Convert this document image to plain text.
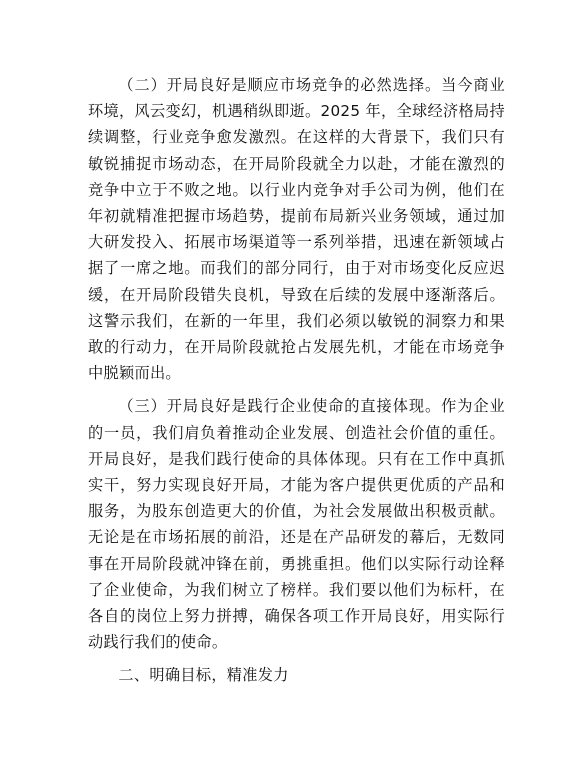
（二）开局良好是顺应市场竞争的必然选择。当今商业环境，风云变幻，机遇稍纵即逝。2025 年，全球经济格局持续调整，行业竞争愈发激烈。在这样的大背景下，我们只有敏锐捕捉市场动态，在开局阶段就全力以赴，才能在激烈的竞争中立于不败之地。以行业内竞争对手公司为例，他们在年初就精准把握市场趋势，提前布局新兴业务领域，通过加大研发投入、拓展市场渠道等一系列举措，迅速在新领域占据了一席之地。而我们的部分同行，由于对市场变化反应迟缓，在开局阶段错失良机，导致在后续的发展中逐渐落后。这警示我们，在新的一年里，我们必须以敏锐的洞察力和果敢的行动力，在开局阶段就抢占发展先机，才能在市场竞争中脱颖而出。

（三）开局良好是践行企业使命的直接体现。作为企业的一员，我们肩负着推动企业发展、创造社会价值的重任。开局良好，是我们践行使命的具体体现。只有在工作中真抓实干，努力实现良好开局，才能为客户提供更优质的产品和服务，为股东创造更大的价值，为社会发展做出积极贡献。无论是在市场拓展的前沿，还是在产品研发的幕后，无数同事在开局阶段就冲锋在前，勇挑重担。他们以实际行动诠释了企业使命，为我们树立了榜样。我们要以他们为标杆，在各自的岗位上努力拼搏，确保各项工作开局良好，用实际行动践行我们的使命。

二、明确目标，精准发力
